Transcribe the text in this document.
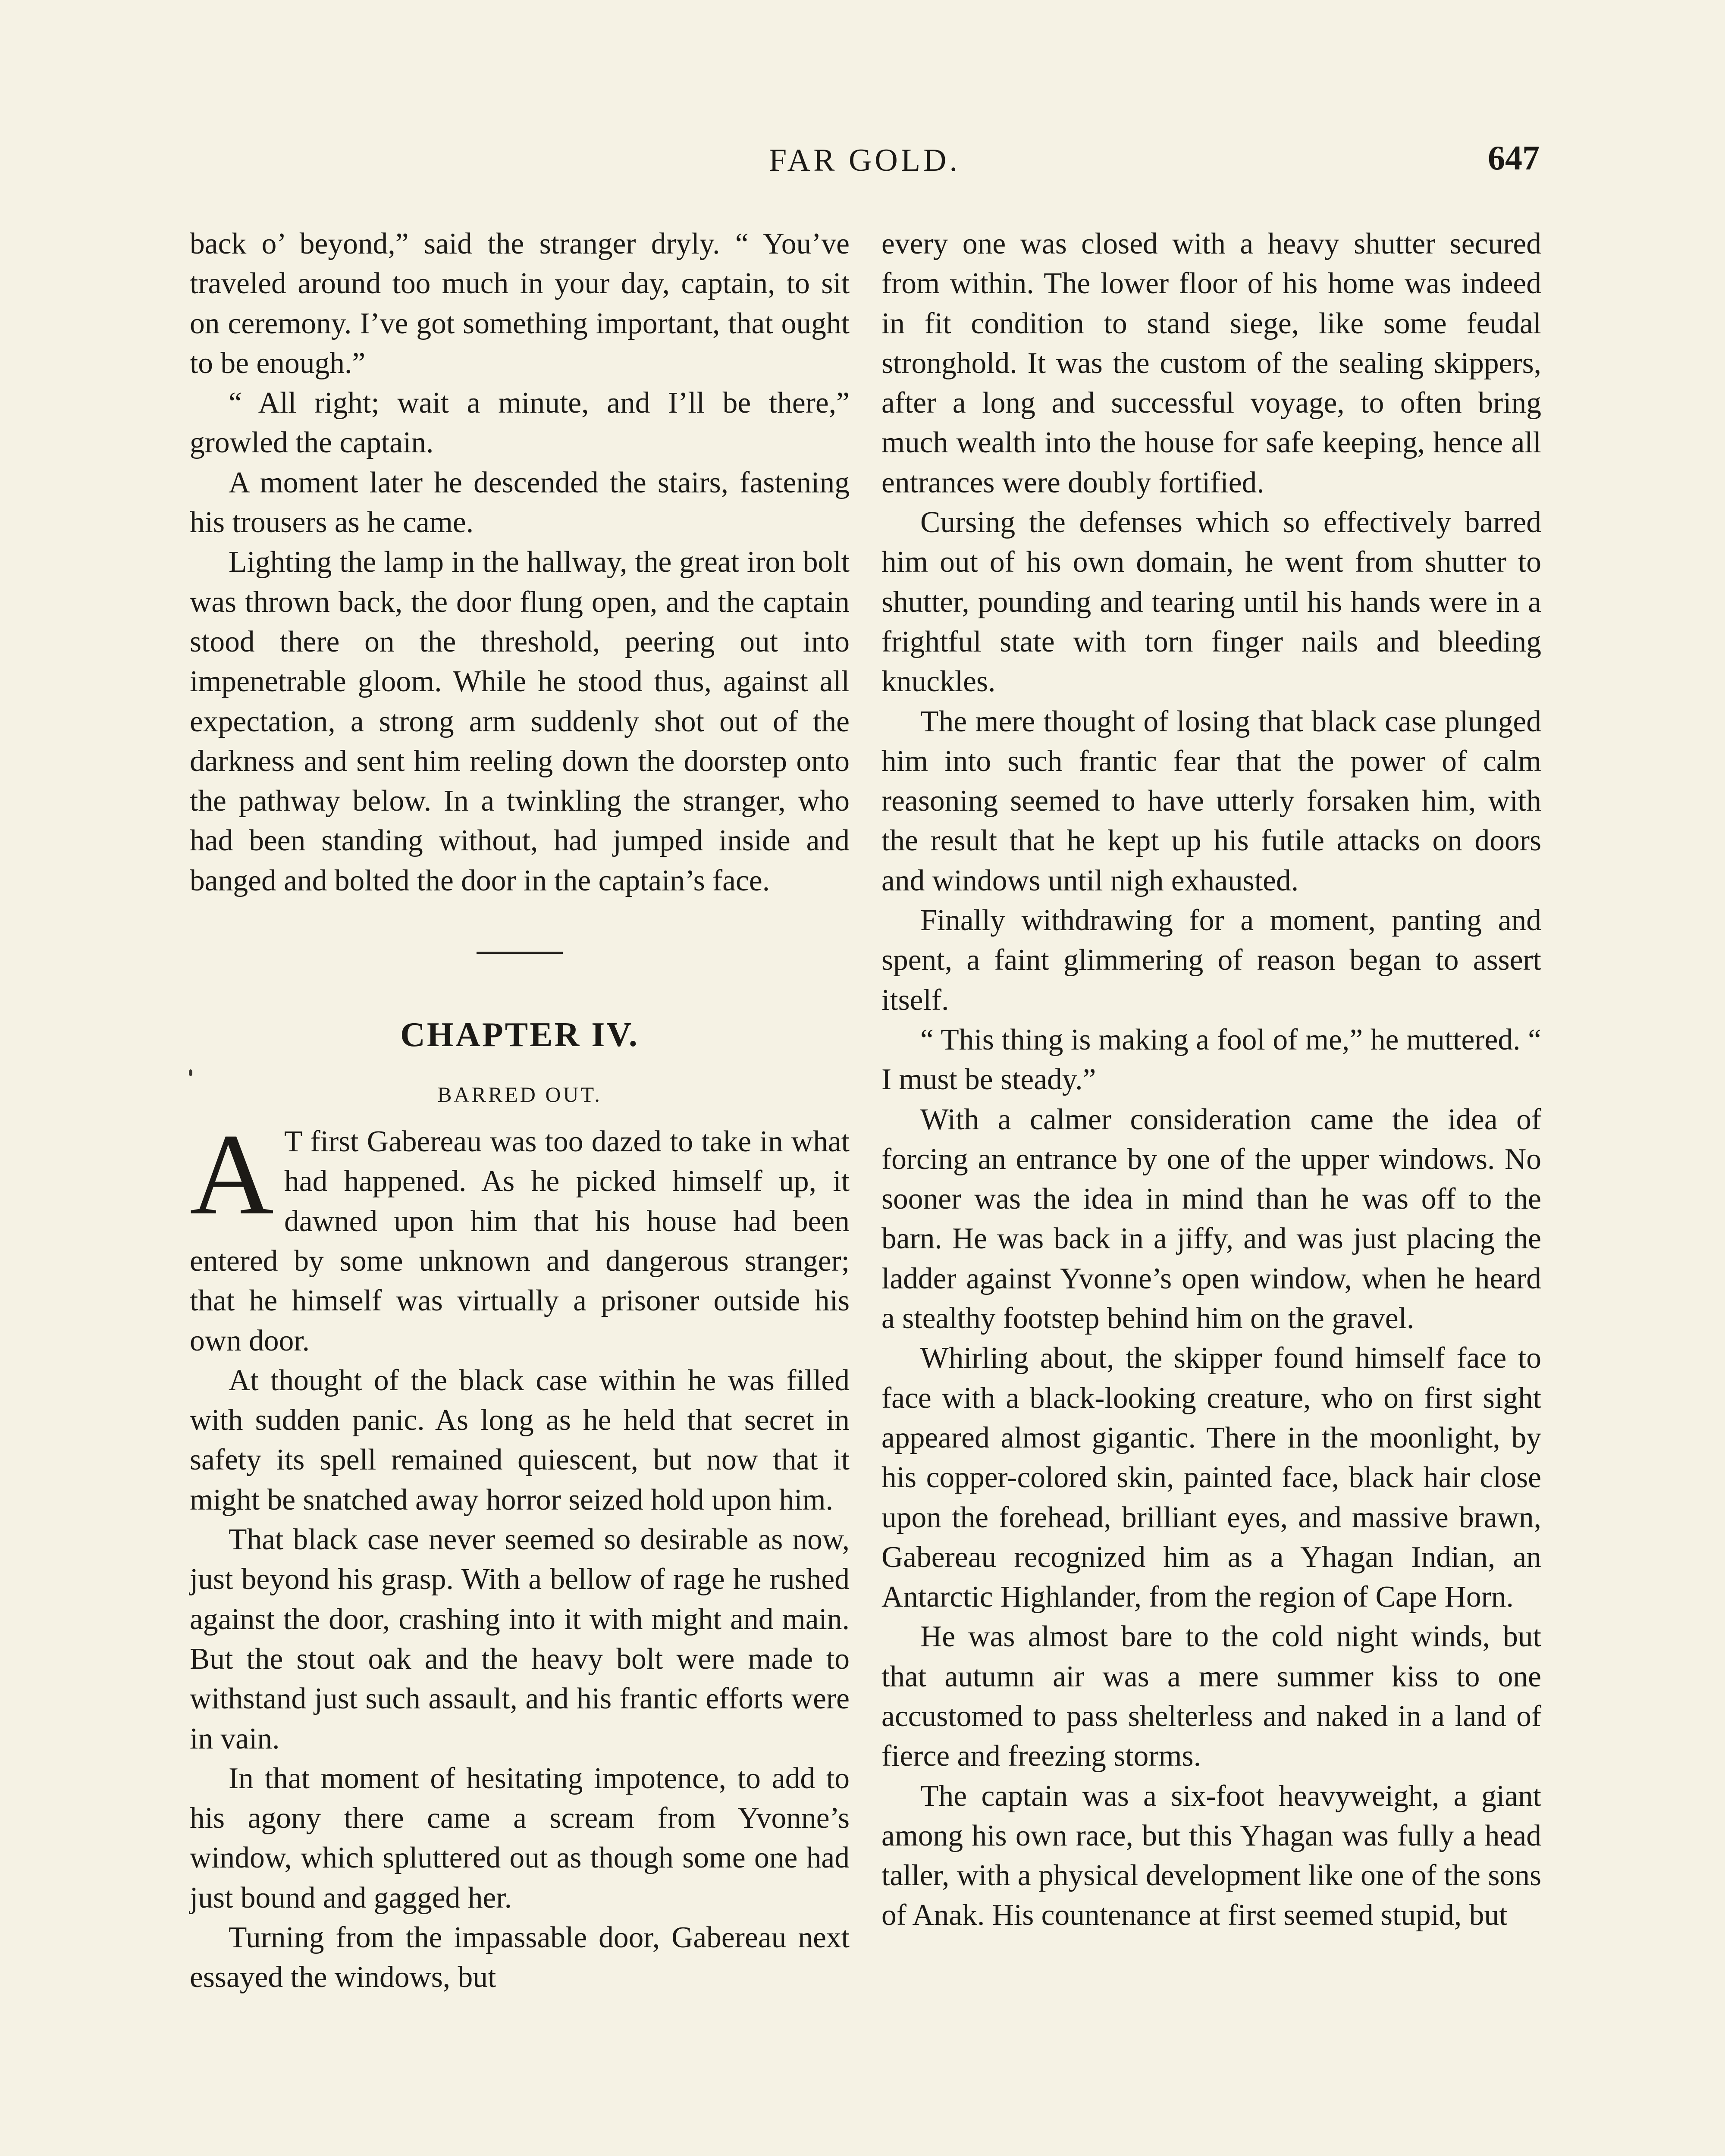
FAR GOLD.	647

back o’ beyond,” said the stranger dryly. “ You’ve traveled around too much in your day, captain, to sit on ceremony. I’ve got something important, that ought to be enough.”

“ All right; wait a minute, and I’ll be there,” growled the captain.

A moment later he descended the stairs, fastening his trousers as he came.

Lighting the lamp in the hallway, the great iron bolt was thrown back, the door flung open, and the captain stood there on the threshold, peering out into impenetrable gloom. While he stood thus, against all expectation, a strong arm suddenly shot out of the darkness and sent him reeling down the doorstep onto the pathway below. In a twinkling the stranger, who had been standing without, had jumped inside and banged and bolted the door in the captain’s face.

CHAPTER IV.
BARRED OUT.

A T first Gabereau was too dazed to take in what had happened. As he picked himself up, it dawned upon him that his house had been entered by some unknown and dangerous stranger; that he himself was virtually a prisoner outside his own door.

At thought of the black case within he was filled with sudden panic. As long as he held that secret in safety its spell remained quiescent, but now that it might be snatched away horror seized hold upon him.

That black case never seemed so desirable as now, just beyond his grasp. With a bellow of rage he rushed against the door, crashing into it with might and main. But the stout oak and the heavy bolt were made to withstand just such assault, and his frantic efforts were in vain.

In that moment of hesitating impotence, to add to his agony there came a scream from Yvonne’s window, which spluttered out as though some one had just bound and gagged her.

Turning from the impassable door, Gabereau next essayed the windows, but

every one was closed with a heavy shutter secured from within. The lower floor of his home was indeed in fit condition to stand siege, like some feudal stronghold. It was the custom of the sealing skippers, after a long and successful voyage, to often bring much wealth into the house for safe keeping, hence all entrances were doubly fortified.

Cursing the defenses which so effectively barred him out of his own domain, he went from shutter to shutter, pounding and tearing until his hands were in a frightful state with torn finger nails and bleeding knuckles.

The mere thought of losing that black case plunged him into such frantic fear that the power of calm reasoning seemed to have utterly forsaken him, with the result that he kept up his futile attacks on doors and windows until nigh exhausted.

Finally withdrawing for a moment, panting and spent, a faint glimmering of reason began to assert itself.

“ This thing is making a fool of me,” he muttered. “ I must be steady.”

With a calmer consideration came the idea of forcing an entrance by one of the upper windows. No sooner was the idea in mind than he was off to the barn. He was back in a jiffy, and was just placing the ladder against Yvonne’s open window, when he heard a stealthy footstep behind him on the gravel.

Whirling about, the skipper found himself face to face with a black-looking creature, who on first sight appeared almost gigantic. There in the moonlight, by his copper-colored skin, painted face, black hair close upon the forehead, brilliant eyes, and massive brawn, Gabereau recognized him as a Yhagan Indian, an Antarctic Highlander, from the region of Cape Horn.

He was almost bare to the cold night winds, but that autumn air was a mere summer kiss to one accustomed to pass shelterless and naked in a land of fierce and freezing storms.

The captain was a six-foot heavyweight, a giant among his own race, but this Yhagan was fully a head taller, with a physical development like one of the sons of Anak. His countenance at first seemed stupid, but
